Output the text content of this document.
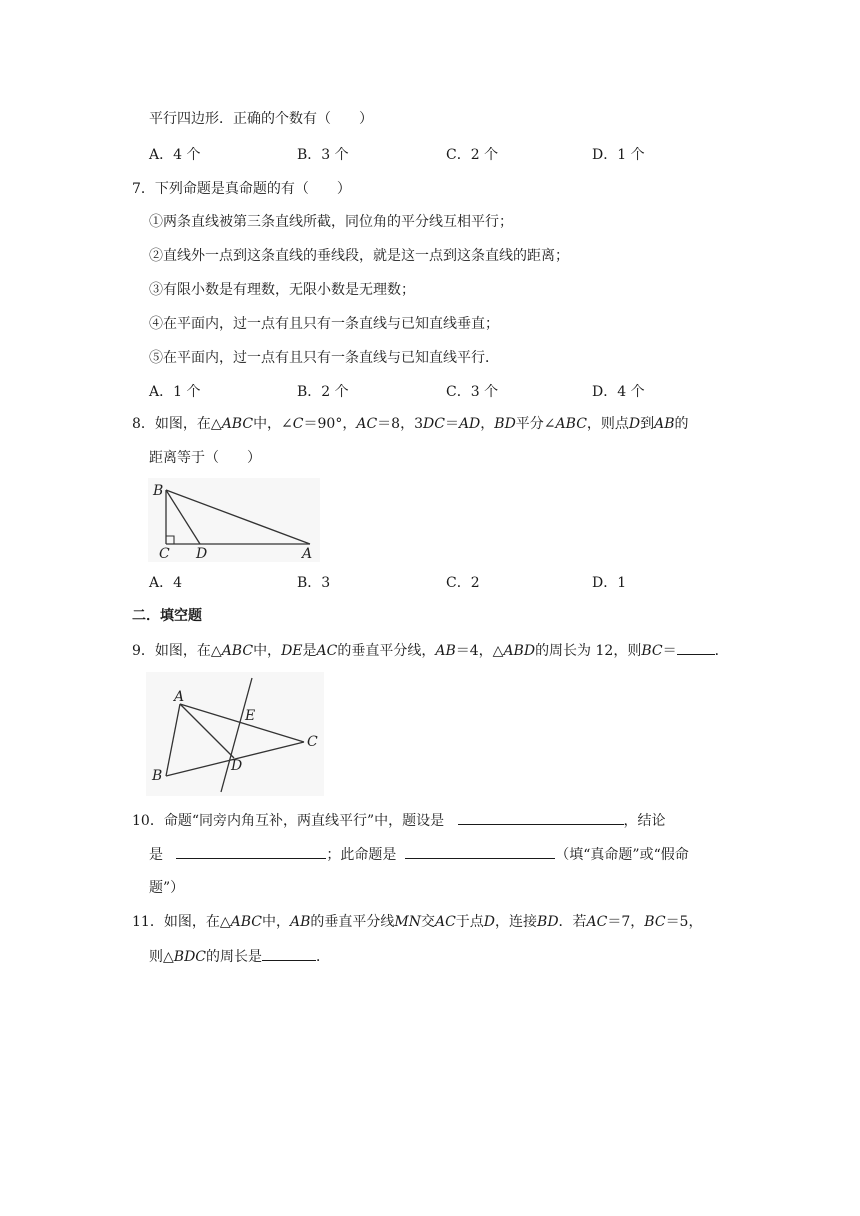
平行四边形．正确的个数有（　　）
A．4 个	B．3 个	C．2 个	D．1 个
7．下列命题是真命题的有（　　）
①两条直线被第三条直线所截，同位角的平分线互相平行；
②直线外一点到这条直线的垂线段，就是这一点到这条直线的距离；
③有限小数是有理数，无限小数是无理数；
④在平面内，过一点有且只有一条直线与已知直线垂直；
⑤在平面内，过一点有且只有一条直线与已知直线平行．
A．1 个	B．2 个	C．3 个	D．4 个
8．如图，在△ABC中，∠C＝90°，AC＝8，3DC＝AD，BD平分∠ABC，则点D到AB的
距离等于（　　）
B
C D	A
A．4	B．3	C．2	D．1
二．填空题
9．如图，在△ABC中，DE是AC的垂直平分线，AB＝4，△ABD的周长为 12，则BC＝	．
A
E
C
D
B
10．命题“同旁内角互补，两直线平行”中，题设是	，结论
是	；此命题是	（填“真命题”或“假命
题”）
11．如图，在△ABC中，AB的垂直平分线MN交AC于点D，连接BD．若AC＝7，BC＝5，
则△BDC的周长是	．
